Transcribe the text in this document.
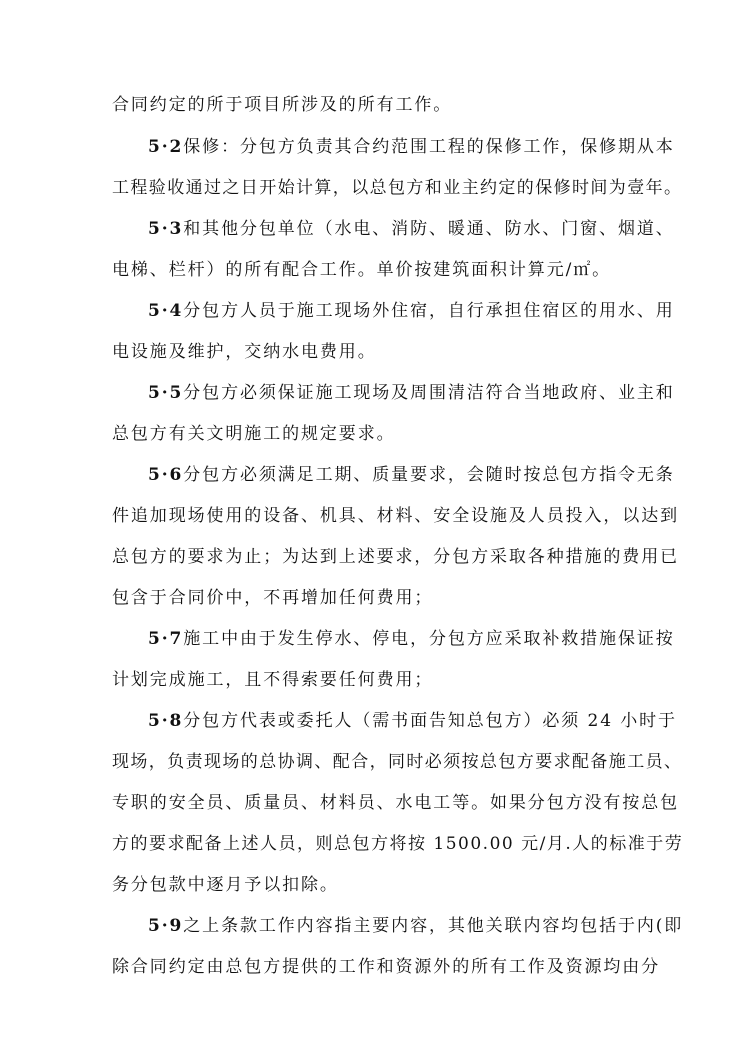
合同约定的所于项目所涉及的所有工作。
5·2保修：分包方负责其合约范围工程的保修工作，保修期从本
工程验收通过之日开始计算，以总包方和业主约定的保修时间为壹年。
5·3和其他分包单位（水电、消防、暖通、防水、门窗、烟道、
电梯、栏杆）的所有配合工作。单价按建筑面积计算元/㎡。
5·4分包方人员于施工现场外住宿，自行承担住宿区的用水、用
电设施及维护，交纳水电费用。
5·5分包方必须保证施工现场及周围清洁符合当地政府、业主和
总包方有关文明施工的规定要求。
5·6分包方必须满足工期、质量要求，会随时按总包方指令无条
件追加现场使用的设备、机具、材料、安全设施及人员投入，以达到
总包方的要求为止；为达到上述要求，分包方采取各种措施的费用已
包含于合同价中，不再增加任何费用；
5·7施工中由于发生停水、停电，分包方应采取补救措施保证按
计划完成施工，且不得索要任何费用；
5·8分包方代表或委托人（需书面告知总包方）必须 24 小时于
现场，负责现场的总协调、配合，同时必须按总包方要求配备施工员、
专职的安全员、质量员、材料员、水电工等。如果分包方没有按总包
方的要求配备上述人员，则总包方将按 1500.00 元/月.人的标准于劳
务分包款中逐月予以扣除。
5·9之上条款工作内容指主要内容，其他关联内容均包括于内(即
除合同约定由总包方提供的工作和资源外的所有工作及资源均由分
